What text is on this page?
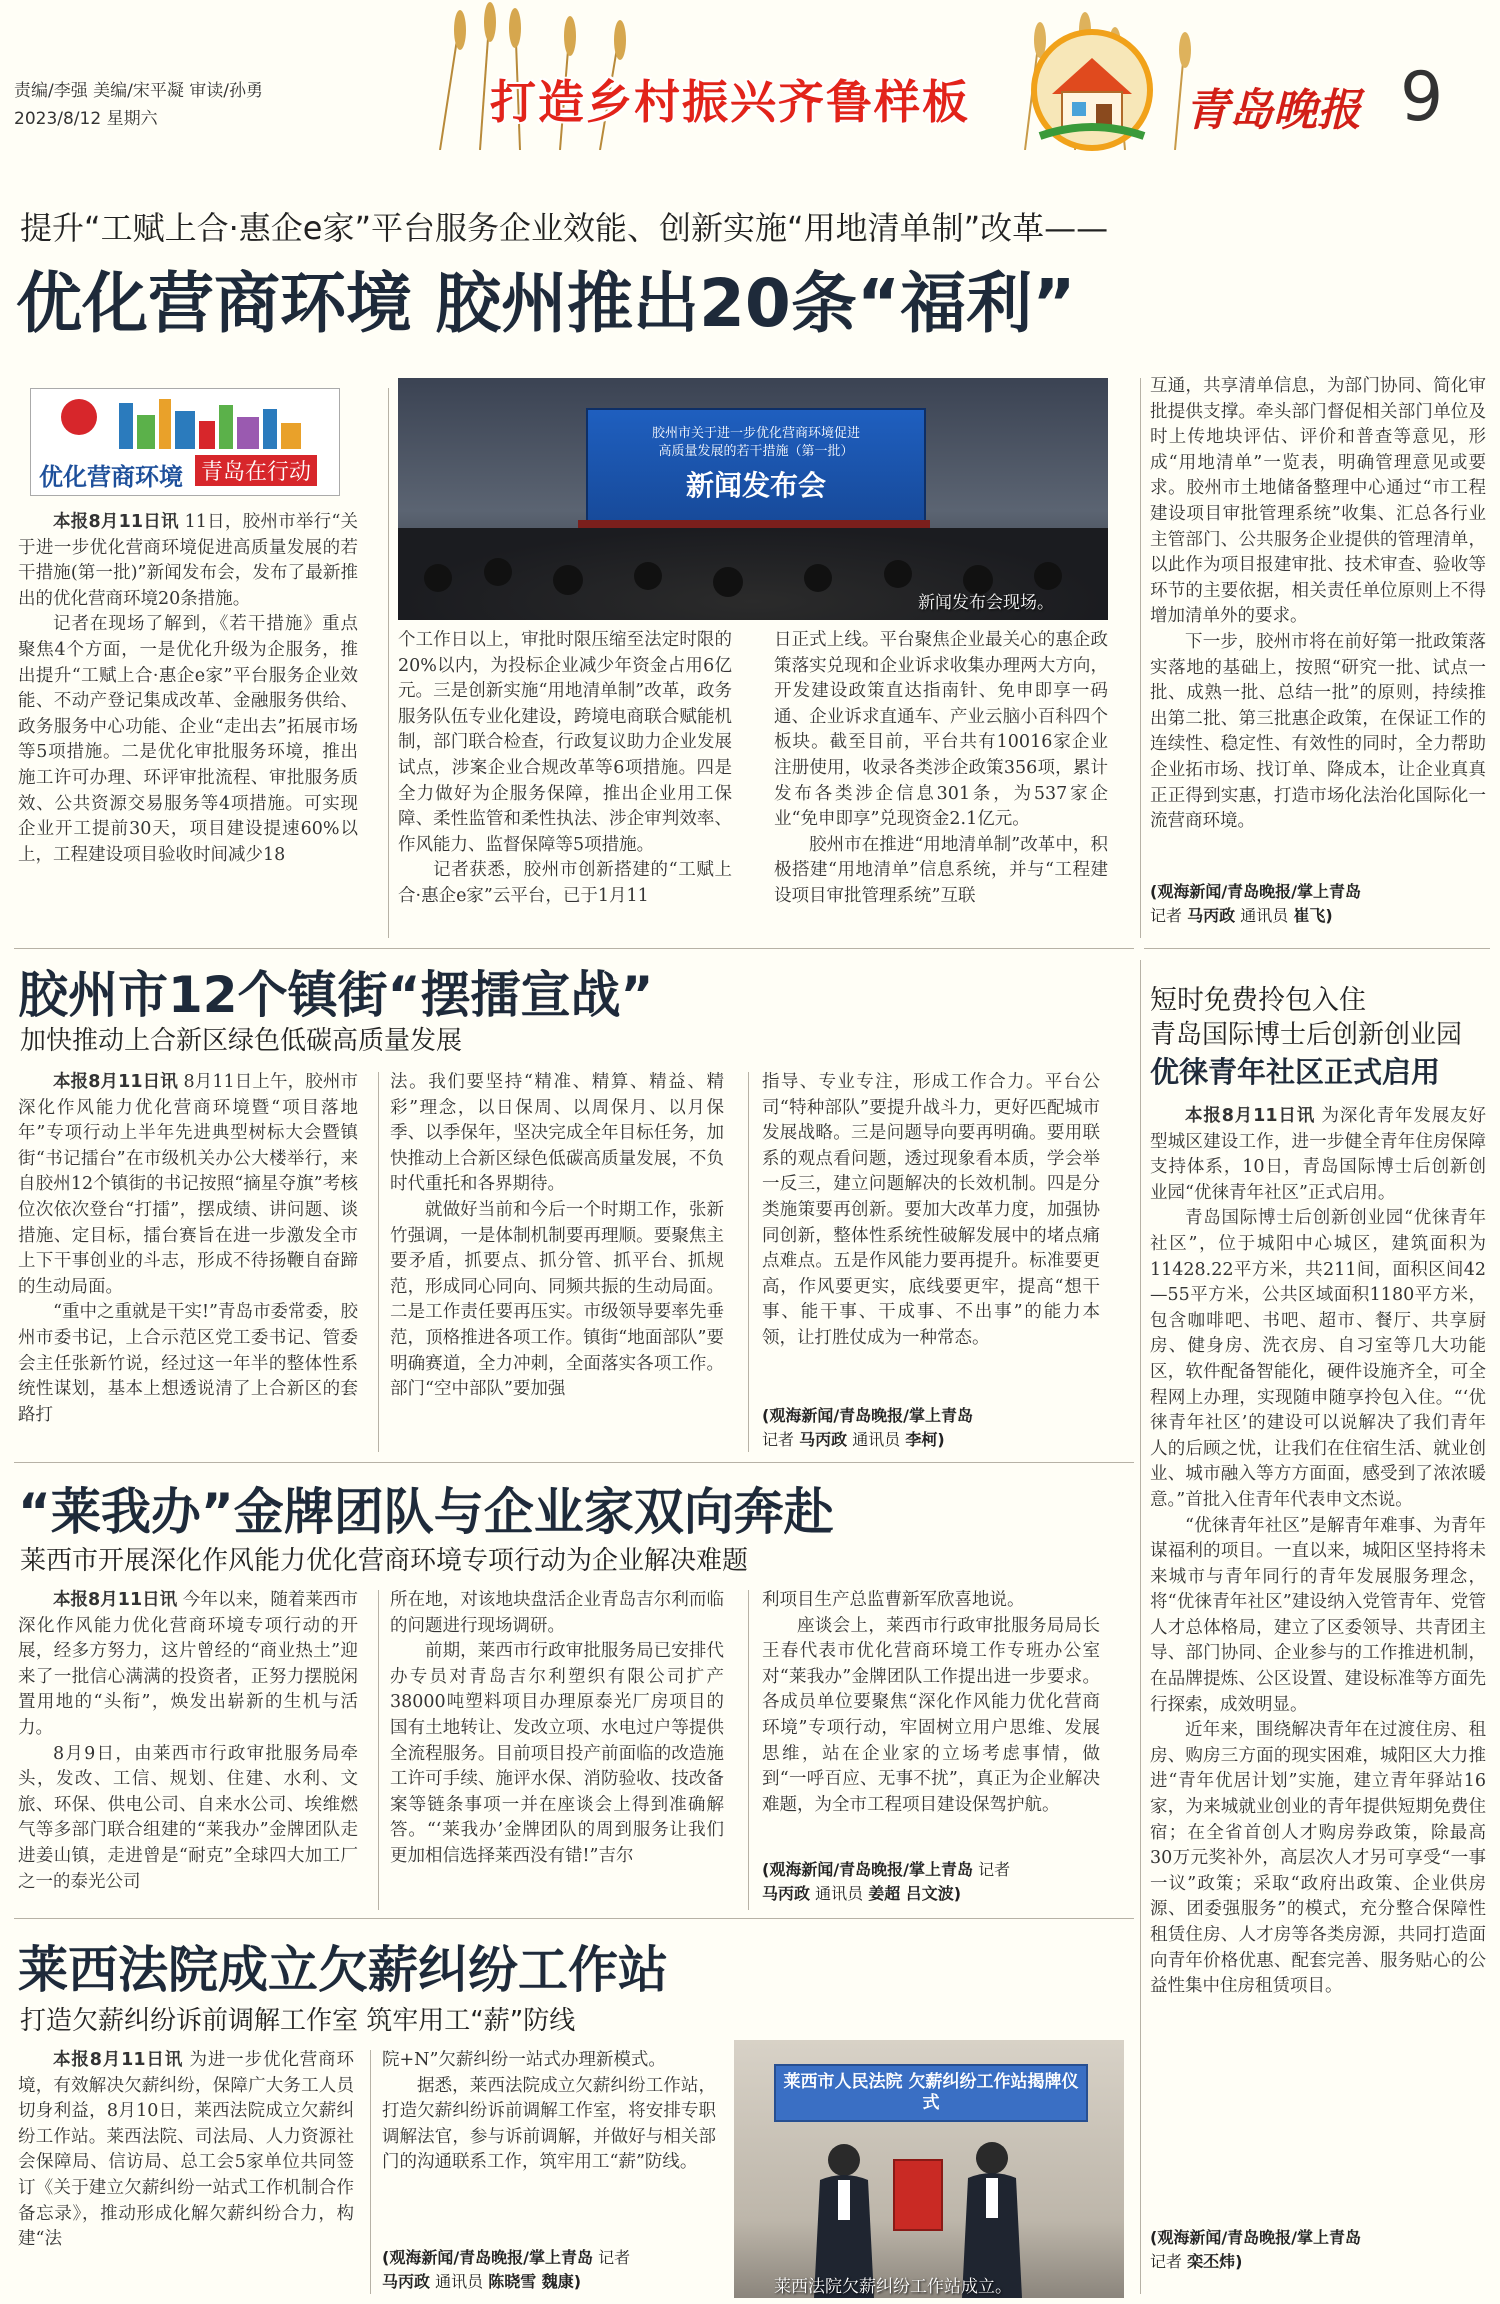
责编/李强 美编/宋平凝 审读/孙勇
2023/8/12 星期六	打造乡村振兴齐鲁样板	青岛晚报 9
提升“工赋上合·惠企e家”平台服务企业效能、创新实施“用地清单制”改革——
优化营商环境 胶州推出20条“福利”
优化营商环境 青岛在行动
胶州市关于进一步优化营商环境促进
高质量发展的若干措施（第一批）
新闻发布会
新闻发布会现场。

本报8月11日讯 11日，胶州市举行“关于进一步优化营商环境促进高质量发展的若干措施(第一批)”新闻发布会，发布了最新推出的优化营商环境20条措施。

记者在现场了解到，《若干措施》重点聚焦4个方面，一是优化升级为企服务，推出提升“工赋上合·惠企e家”平台服务企业效能、不动产登记集成改革、金融服务供给、政务服务中心功能、企业“走出去”拓展市场等5项措施。二是优化审批服务环境，推出施工许可办理、环评审批流程、审批服务质效、公共资源交易服务等4项措施。可实现企业开工提前30天，项目建设提速60%以上，工程建设项目验收时间减少18

个工作日以上，审批时限压缩至法定时限的20%以内，为投标企业减少年资金占用6亿元。三是创新实施“用地清单制”改革，政务服务队伍专业化建设，跨境电商联合赋能机制，部门联合检查，行政复议助力企业发展试点，涉案企业合规改革等6项措施。四是全力做好为企服务保障，推出企业用工保障、柔性监管和柔性执法、涉企审判效率、作风能力、监督保障等5项措施。

记者获悉，胶州市创新搭建的“工赋上合·惠企e家”云平台，已于1月11

日正式上线。平台聚焦企业最关心的惠企政策落实兑现和企业诉求收集办理两大方向，开发建设政策直达指南针、免申即享一码通、企业诉求直通车、产业云脑小百科四个板块。截至目前，平台共有10016家企业注册使用，收录各类涉企政策356项，累计发布各类涉企信息301条，为537家企业“免申即享”兑现资金2.1亿元。

胶州市在推进“用地清单制”改革中，积极搭建“用地清单”信息系统，并与“工程建设项目审批管理系统”互联

互通，共享清单信息，为部门协同、简化审批提供支撑。牵头部门督促相关部门单位及时上传地块评估、评价和普查等意见，形成“用地清单”一览表，明确管理意见或要求。胶州市土地储备整理中心通过“市工程建设项目审批管理系统”收集、汇总各行业主管部门、公共服务企业提供的管理清单，以此作为项目报建审批、技术审查、验收等环节的主要依据，相关责任单位原则上不得增加清单外的要求。

下一步，胶州市将在前好第一批政策落实落地的基础上，按照“研究一批、试点一批、成熟一批、总结一批”的原则，持续推出第二批、第三批惠企政策，在保证工作的连续性、稳定性、有效性的同时，全力帮助企业拓市场、找订单、降成本，让企业真真正正得到实惠，打造市场化法治化国际化一流营商环境。

(观海新闻/青岛晚报/掌上青岛
记者 马丙政 通讯员 崔飞)
胶州市12个镇街“摆擂宣战”
加快推动上合新区绿色低碳高质量发展

本报8月11日讯 8月11日上午，胶州市深化作风能力优化营商环境暨“项目落地年”专项行动上半年先进典型树标大会暨镇街“书记擂台”在市级机关办公大楼举行，来自胶州12个镇街的书记按照“摘星夺旗”考核位次依次登台“打擂”，摆成绩、讲问题、谈措施、定目标，擂台赛旨在进一步激发全市上下干事创业的斗志，形成不待扬鞭自奋蹄的生动局面。

“重中之重就是干实!”青岛市委常委，胶州市委书记，上合示范区党工委书记、管委会主任张新竹说，经过这一年半的整体性系统性谋划，基本上想透说清了上合新区的套路打

法。我们要坚持“精准、精算、精益、精彩”理念，以日保周、以周保月、以月保季、以季保年，坚决完成全年目标任务，加快推动上合新区绿色低碳高质量发展，不负时代重托和各界期待。

就做好当前和今后一个时期工作，张新竹强调，一是体制机制要再理顺。要聚焦主要矛盾，抓要点、抓分管、抓平台、抓规范，形成同心同向、同频共振的生动局面。二是工作责任要再压实。市级领导要率先垂范，顶格推进各项工作。镇街“地面部队”要明确赛道，全力冲刺，全面落实各项工作。部门“空中部队”要加强

指导、专业专注，形成工作合力。平台公司“特种部队”要提升战斗力，更好匹配城市发展战略。三是问题导向要再明确。要用联系的观点看问题，透过现象看本质，学会举一反三，建立问题解决的长效机制。四是分类施策要再创新。要加大改革力度，加强协同创新，整体性系统性破解发展中的堵点痛点难点。五是作风能力要再提升。标准要更高，作风要更实，底线要更牢，提高“想干事、能干事、干成事、不出事”的能力本领，让打胜仗成为一种常态。

(观海新闻/青岛晚报/掌上青岛
记者 马丙政 通讯员 李柯)
“莱我办”金牌团队与企业家双向奔赴
莱西市开展深化作风能力优化营商环境专项行动为企业解决难题

本报8月11日讯 今年以来，随着莱西市深化作风能力优化营商环境专项行动的开展，经多方努力，这片曾经的“商业热土”迎来了一批信心满满的投资者，正努力摆脱闲置用地的“头衔”，焕发出崭新的生机与活力。

8月9日，由莱西市行政审批服务局牵头，发改、工信、规划、住建、水利、文旅、环保、供电公司、自来水公司、埃维燃气等多部门联合组建的“莱我办”金牌团队走进姜山镇，走进曾是“耐克”全球四大加工厂之一的泰光公司

所在地，对该地块盘活企业青岛吉尔利而临的问题进行现场调研。

前期，莱西市行政审批服务局已安排代办专员对青岛吉尔利塑织有限公司扩产38000吨塑料项目办理原泰光厂房项目的国有土地转让、发改立项、水电过户等提供全流程服务。目前项目投产前面临的改造施工许可手续、施评水保、消防验收、技改备案等链条事项一并在座谈会上得到准确解答。“‘莱我办’金牌团队的周到服务让我们更加相信选择莱西没有错!”吉尔

利项目生产总监曹新军欣喜地说。

座谈会上，莱西市行政审批服务局局长王春代表市优化营商环境工作专班办公室对“莱我办”金牌团队工作提出进一步要求。各成员单位要聚焦“深化作风能力优化营商环境”专项行动，牢固树立用户思维、发展思维，站在企业家的立场考虑事情，做到“一呼百应、无事不扰”，真正为企业解决难题，为全市工程项目建设保驾护航。

(观海新闻/青岛晚报/掌上青岛 记者
马丙政 通讯员 姜超 吕文波)
莱西法院成立欠薪纠纷工作站
打造欠薪纠纷诉前调解工作室 筑牢用工“薪”防线

本报8月11日讯 为进一步优化营商环境，有效解决欠薪纠纷，保障广大务工人员切身利益，8月10日，莱西法院成立欠薪纠纷工作站。莱西法院、司法局、人力资源社会保障局、信访局、总工会5家单位共同签订《关于建立欠薪纠纷一站式工作机制合作备忘录》，推动形成化解欠薪纠纷合力，构建“法

院+N”欠薪纠纷一站式办理新模式。

据悉，莱西法院成立欠薪纠纷工作站，打造欠薪纠纷诉前调解工作室，将安排专职调解法官，参与诉前调解，并做好与相关部门的沟通联系工作，筑牢用工“薪”防线。

(观海新闻/青岛晚报/掌上青岛 记者
马丙政 通讯员 陈晓雪 魏康)
莱西市人民法院 欠薪纠纷工作站揭牌仪式
莱西法院欠薪纠纷工作站成立。
短时免费拎包入住
青岛国际博士后创新创业园
优徕青年社区正式启用

本报8月11日讯 为深化青年发展友好型城区建设工作，进一步健全青年住房保障支持体系，10日，青岛国际博士后创新创业园“优徕青年社区”正式启用。

青岛国际博士后创新创业园“优徕青年社区”，位于城阳中心城区，建筑面积为11428.22平方米，共211间，面积区间42—55平方米，公共区域面积1180平方米，包含咖啡吧、书吧、超市、餐厅、共享厨房、健身房、洗衣房、自习室等几大功能区，软件配备智能化，硬件设施齐全，可全程网上办理，实现随申随享拎包入住。“‘优徕青年社区’的建设可以说解决了我们青年人的后顾之忧，让我们在住宿生活、就业创业、城市融入等方方面面，感受到了浓浓暖意。”首批入住青年代表申文杰说。

“优徕青年社区”是解青年难事、为青年谋福利的项目。一直以来，城阳区坚持将未来城市与青年同行的青年发展服务理念，将“优徕青年社区”建设纳入党管青年、党管人才总体格局，建立了区委领导、共青团主导、部门协同、企业参与的工作推进机制，在品牌提炼、公区设置、建设标准等方面先行探索，成效明显。

近年来，围绕解决青年在过渡住房、租房、购房三方面的现实困难，城阳区大力推进“青年优居计划”实施，建立青年驿站16家，为来城就业创业的青年提供短期免费住宿；在全省首创人才购房券政策，除最高30万元奖补外，高层次人才另可享受“一事一议”政策；采取“政府出政策、企业供房源、团委强服务”的模式，充分整合保障性租赁住房、人才房等各类房源，共同打造面向青年价格优惠、配套完善、服务贴心的公益性集中住房租赁项目。

(观海新闻/青岛晚报/掌上青岛
记者 栾丕炜)
